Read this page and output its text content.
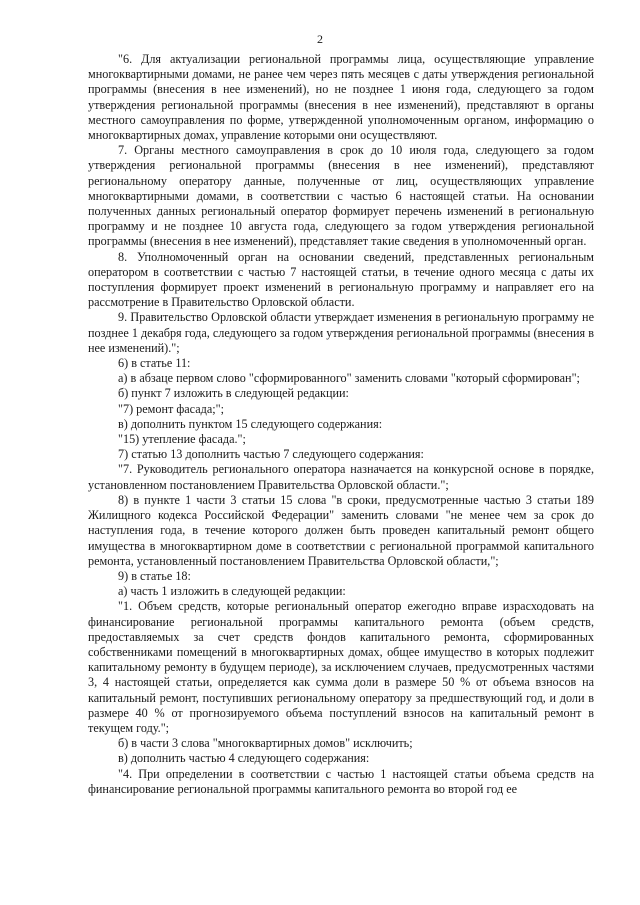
2

"6. Для актуализации региональной программы лица, осуществляющие управление многоквартирными домами, не ранее чем через пять месяцев с даты утверждения региональной программы (внесения в нее изменений), но не позднее 1 июня года, следующего за годом утверждения региональной программы (внесения в нее изменений), представляют в органы местного самоуправления по форме, утвержденной уполномоченным органом, информацию о многоквартирных домах, управление которыми они осуществляют.

7. Органы местного самоуправления в срок до 10 июля года, следующего за годом утверждения региональной программы (внесения в нее изменений), представляют региональному оператору данные, полученные от лиц, осуществляющих управление многоквартирными домами, в соответствии с частью 6 настоящей статьи. На основании полученных данных региональный оператор формирует перечень изменений в региональную программу и не позднее 10 августа года, следующего за годом утверждения региональной программы (внесения в нее изменений), представляет такие сведения в уполномоченный орган.

8. Уполномоченный орган на основании сведений, представленных региональным оператором в соответствии с частью 7 настоящей статьи, в течение одного месяца с даты их поступления формирует проект изменений в региональную программу и направляет его на рассмотрение в Правительство Орловской области.

9. Правительство Орловской области утверждает изменения в региональную программу не позднее 1 декабря года, следующего за годом утверждения региональной программы (внесения в нее изменений).";

6) в статье 11:

а) в абзаце первом слово "сформированного" заменить словами "который сформирован";

б) пункт 7 изложить в следующей редакции:

"7) ремонт фасада;";

в) дополнить пунктом 15 следующего содержания:

"15) утепление фасада.";

7) статью 13 дополнить частью 7 следующего содержания:

"7. Руководитель регионального оператора назначается на конкурсной основе в порядке, установленном постановлением Правительства Орловской области.";

8) в пункте 1 части 3 статьи 15 слова "в сроки, предусмотренные частью 3 статьи 189 Жилищного кодекса Российской Федерации" заменить словами "не менее чем за срок до наступления года, в течение которого должен быть проведен капитальный ремонт общего имущества в многоквартирном доме в соответствии с региональной программой капитального ремонта, установленный постановлением Правительства Орловской области,";

9) в статье 18:

а) часть 1 изложить в следующей редакции:

"1. Объем средств, которые региональный оператор ежегодно вправе израсходовать на финансирование региональной программы капитального ремонта (объем средств, предоставляемых за счет средств фондов капитального ремонта, сформированных собственниками помещений в многоквартирных домах, общее имущество в которых подлежит капитальному ремонту в будущем периоде), за исключением случаев, предусмотренных частями 3, 4 настоящей статьи, определяется как сумма доли в размере 50 % от объема взносов на капитальный ремонт, поступивших региональному оператору за предшествующий год, и доли в размере 40 % от прогнозируемого объема поступлений взносов на капитальный ремонт в текущем году.";

б) в части 3 слова "многоквартирных домов" исключить;

в) дополнить частью 4 следующего содержания:

"4. При определении в соответствии с частью 1 настоящей статьи объема средств на финансирование региональной программы капитального ремонта во второй год ее
